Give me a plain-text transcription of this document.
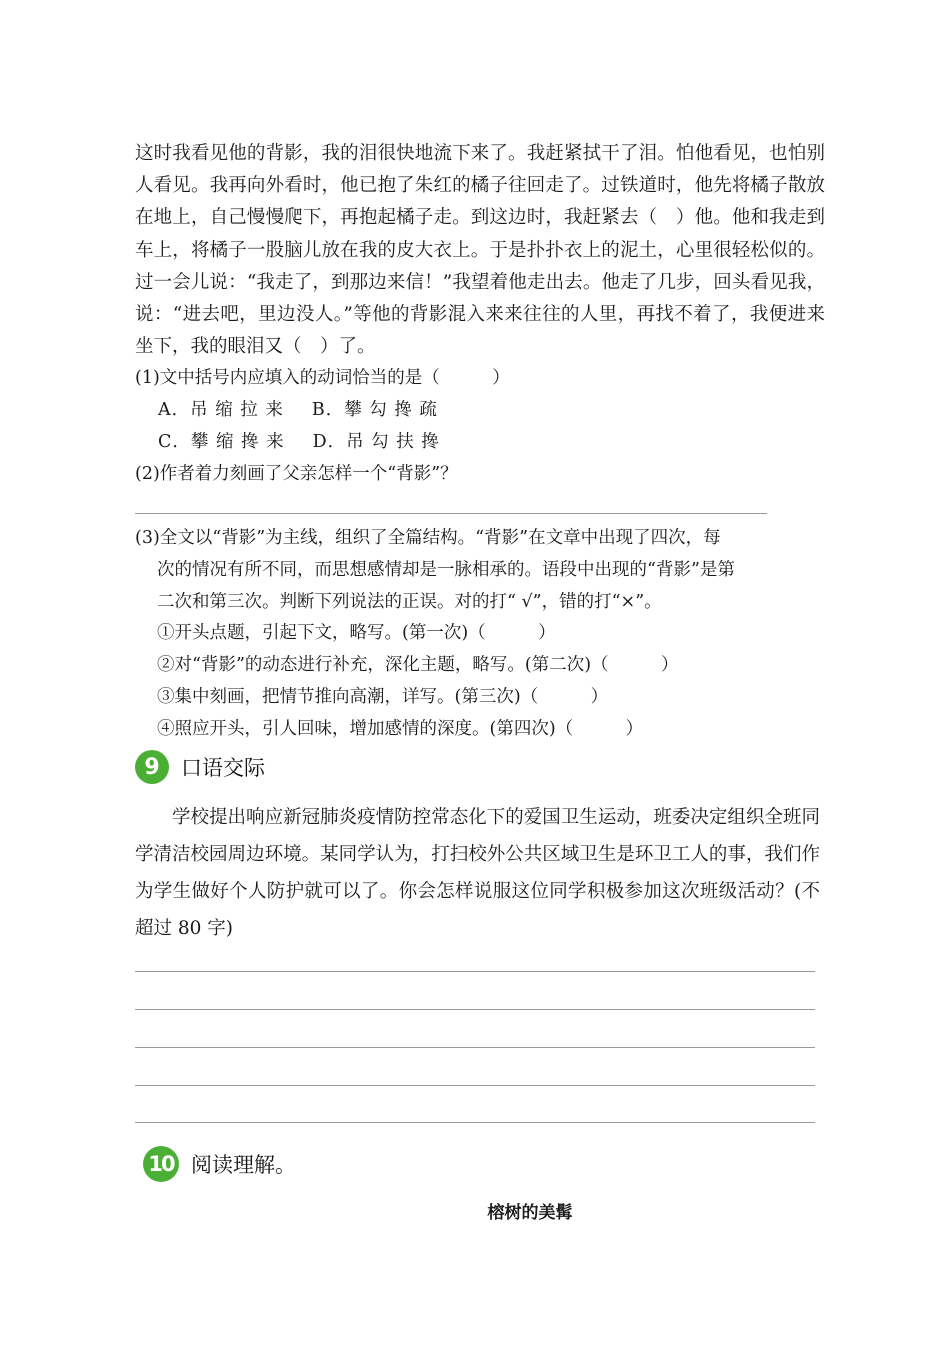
这时我看见他的背影，我的泪很快地流下来了。我赶紧拭干了泪。怕他看见，也怕别人看见。我再向外看时，他已抱了朱红的橘子往回走了。过铁道时，他先将橘子散放在地上，自己慢慢爬下，再抱起橘子走。到这边时，我赶紧去（　）他。他和我走到车上，将橘子一股脑儿放在我的皮大衣上。于是扑扑衣上的泥土，心里很轻松似的。过一会儿说：“我走了，到那边来信！”我望着他走出去。他走了几步，回头看见我，说：“进去吧，里边没人。”等他的背影混入来来往往的人里，再找不着了，我便进来坐下，我的眼泪又（　）了。

(1)文中括号内应填入的动词恰当的是（　　　）
A．吊 缩 拉 来 B．攀 勾 搀 疏
C．攀 缩 搀 来 D．吊 勾 扶 搀
(2)作者着力刻画了父亲怎样一个“背影”？
(3)全文以“背影”为主线，组织了全篇结构。“背影”在文章中出现了四次，每
次的情况有所不同，而思想感情却是一脉相承的。语段中出现的“背影”是第
二次和第三次。判断下列说法的正误。对的打“ √”，错的打“×”。
①开头点题，引起下文，略写。(第一次)（　　　）
②对“背影”的动态进行补充，深化主题，略写。(第二次)（　　　）
③集中刻画，把情节推向高潮，详写。(第三次)（　　　）
④照应开头，引人回味，增加感情的深度。(第四次)（　　　）
9	口语交际

学校提出响应新冠肺炎疫情防控常态化下的爱国卫生运动，班委决定组织全班同学清洁校园周边环境。某同学认为，打扫校外公共区域卫生是环卫工人的事，我们作为学生做好个人防护就可以了。你会怎样说服这位同学积极参加这次班级活动？(不超过 80 字)

10 阅读理解。
榕树的美髯
